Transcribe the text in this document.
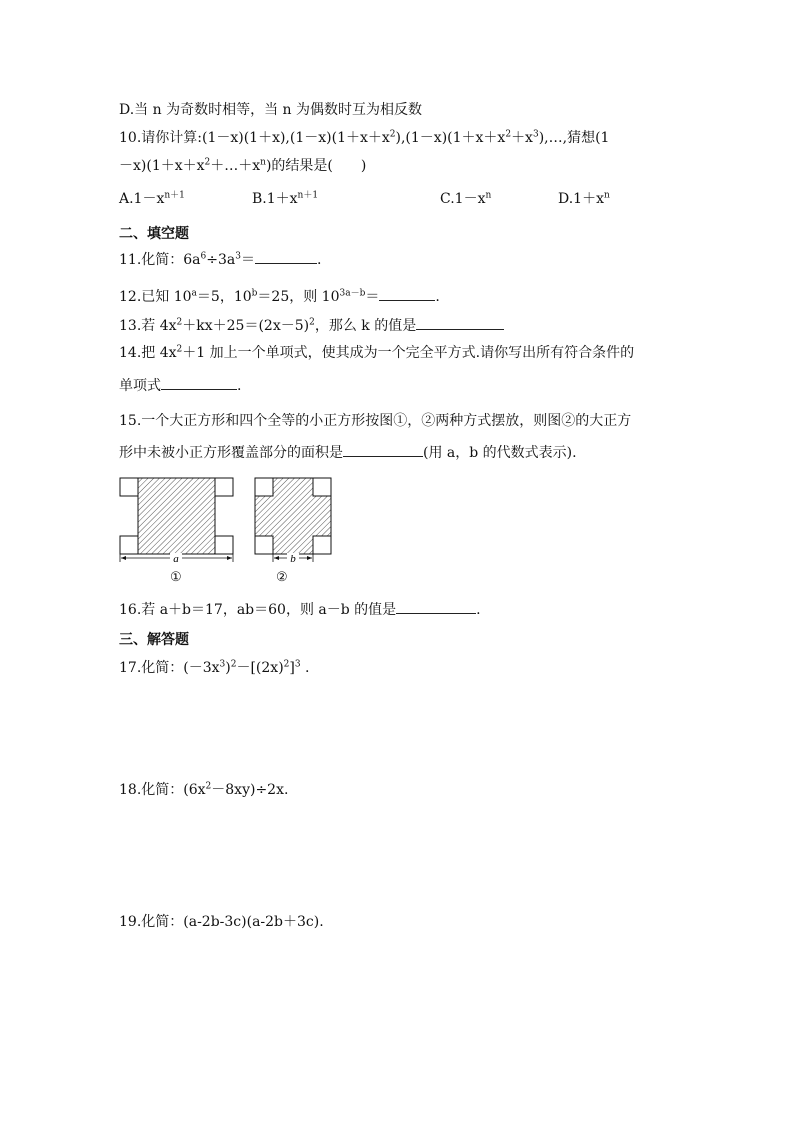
D.当 n 为奇数时相等，当 n 为偶数时互为相反数
10.请你计算$:(1-x)(1+x),(1-x)(1+x+x^2),(1-x)(1+x+x^2+x^3),\dots$,猜想(1
$-x)(1+x+x^2+\dots+x^n)$的结果是(　　)
$A.1-x^{n+1}$	$B.1+x^{n+1}$	$C.1-x^n$	$D.1+x^n$
二、填空题
11.化简：$6a^6\div 3a^3=$	.
12.已知 $10^a=5$，$10^b=25$，则 $10^{3a-b}=$	.
13.若 $4x^2+kx+25=(2x-5)^2$，那么 k 的值是
14.把 $4x^2+1$ 加上一个单项式，使其成为一个完全平方式.请你写出所有符合条件的
单项式	.
15.一个大正方形和四个全等的小正方形按图①，②两种方式摆放，则图②的大正方
形中未被小正方形覆盖部分的面积是	(用 a，b 的代数式表示).
a
①
b
②
16.若 a＋b＝17，ab＝60，则 a－b 的值是	.
三、解答题
17.化简：$(-3x^3)^2-[(2x)^2]^3$ .
18.化简：$(6x^2-8xy)\div 2x$.
19.化简：(a-2b-3c)(a-2b＋3c).
